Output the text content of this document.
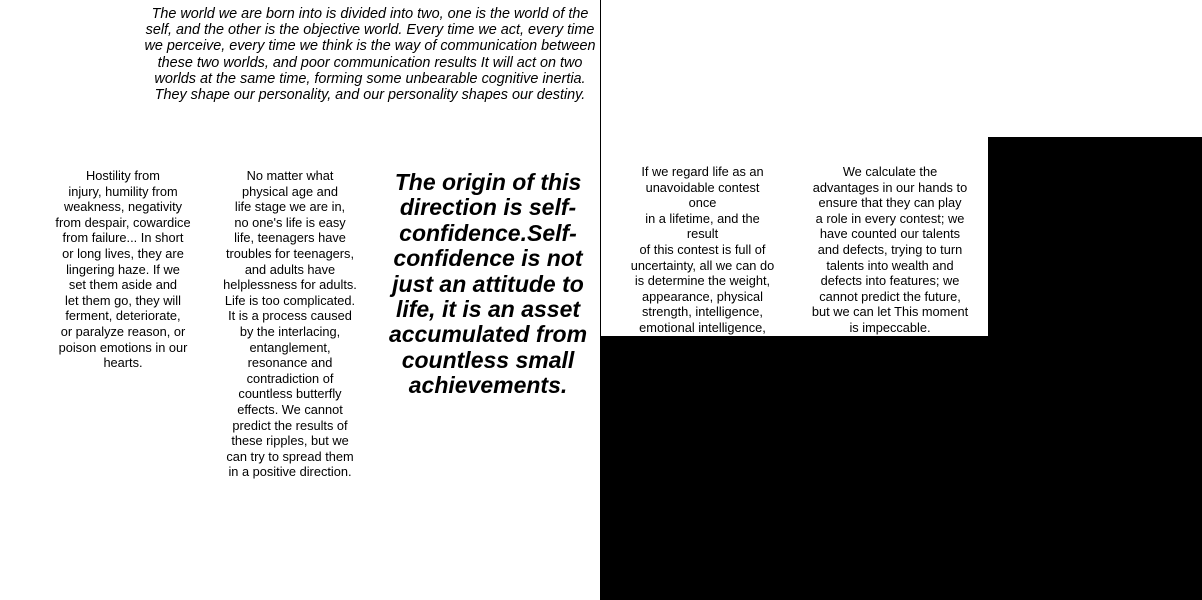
The world we are born into is divided into two, one is the world of the
self, and the other is the objective world. Every time we act, every time
we perceive, every time we think is the way of communication between
these two worlds, and poor communication results It will act on two
worlds at the same time, forming some unbearable cognitive inertia.
They shape our personality, and our personality shapes our destiny.
Hostility from
injury, humility from
weakness, negativity
from despair, cowardice
from failure... In short
or long lives, they are
lingering haze. If we
set them aside and
let them go, they will
ferment, deteriorate,
or paralyze reason, or
poison emotions in our
hearts.
No matter what
physical age and
life stage we are in,
no one's life is easy
life, teenagers have
troubles for teenagers,
and adults have
helplessness for adults.
Life is too complicated.
It is a process caused
by the interlacing,
entanglement,
resonance and
contradiction of
countless butterfly
effects. We cannot
predict the results of
these ripples, but we
can try to spread them
in a positive direction.
The origin of this
direction is self-
confidence.Self-
confidence is not
just an attitude to
life, it is an asset
accumulated from
countless small
achievements.
If we regard life as an
unavoidable contest once
in a lifetime, and the result
of this contest is full of
uncertainty, all we can do
is determine the weight,
appearance, physical
strength, intelligence,
emotional intelligence,
and expressiveness in our
hands. And endurance...
We calculate the
advantages in our hands to
ensure that they can play
a role in every contest; we
have counted our talents
and defects, trying to turn
talents into wealth and
defects into features; we
cannot predict the future,
but we can let This moment
is impeccable.
